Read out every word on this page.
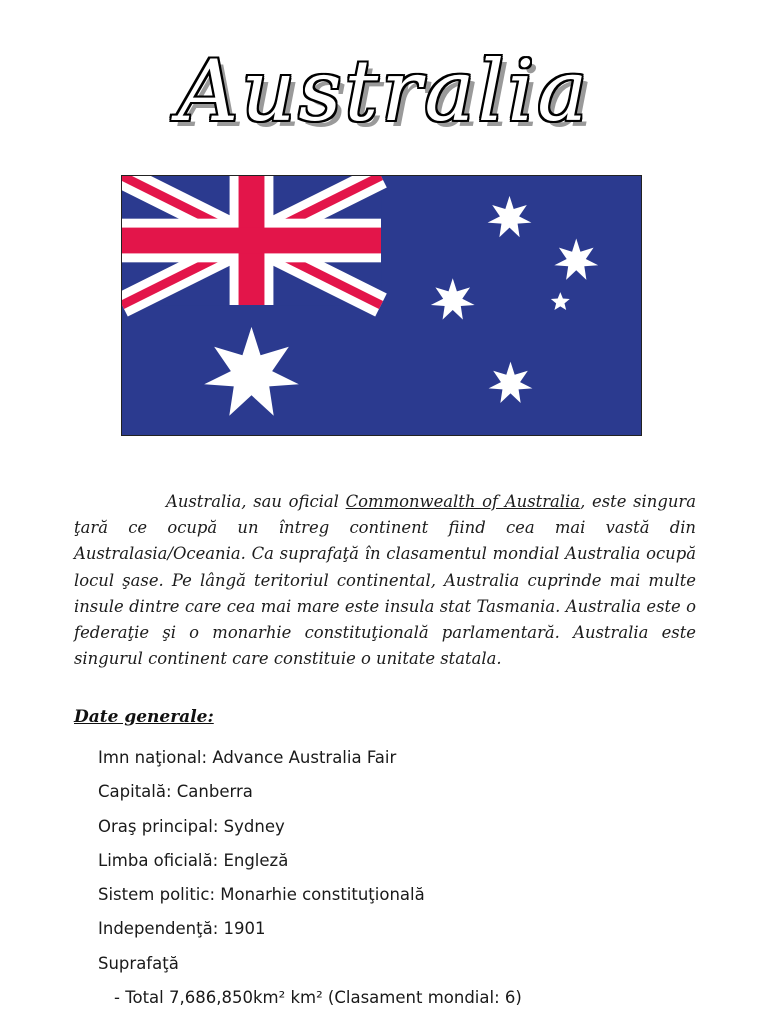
Australia
Australia, sau oficial Commonwealth of Australia, este singura ţară ce ocupă un întreg continent fiind cea mai vastă din Australasia/Oceania. Ca suprafaţă în clasamentul mondial Australia ocupă locul şase. Pe lângă teritoriul continental, Australia cuprinde mai multe insule dintre care cea mai mare este insula stat Tasmania. Australia este o federaţie şi o monarhie constituţională parlamentară. Australia este singurul continent care constituie o unitate statala.
Date generale:
Imn naţional: Advance Australia Fair
Capitală: Canberra
Oraş principal: Sydney
Limba oficială: Engleză
Sistem politic: Monarhie constituţională
Independenţă: 1901
Suprafaţă
- Total 7,686,850km² km² (Clasament mondial: 6)
